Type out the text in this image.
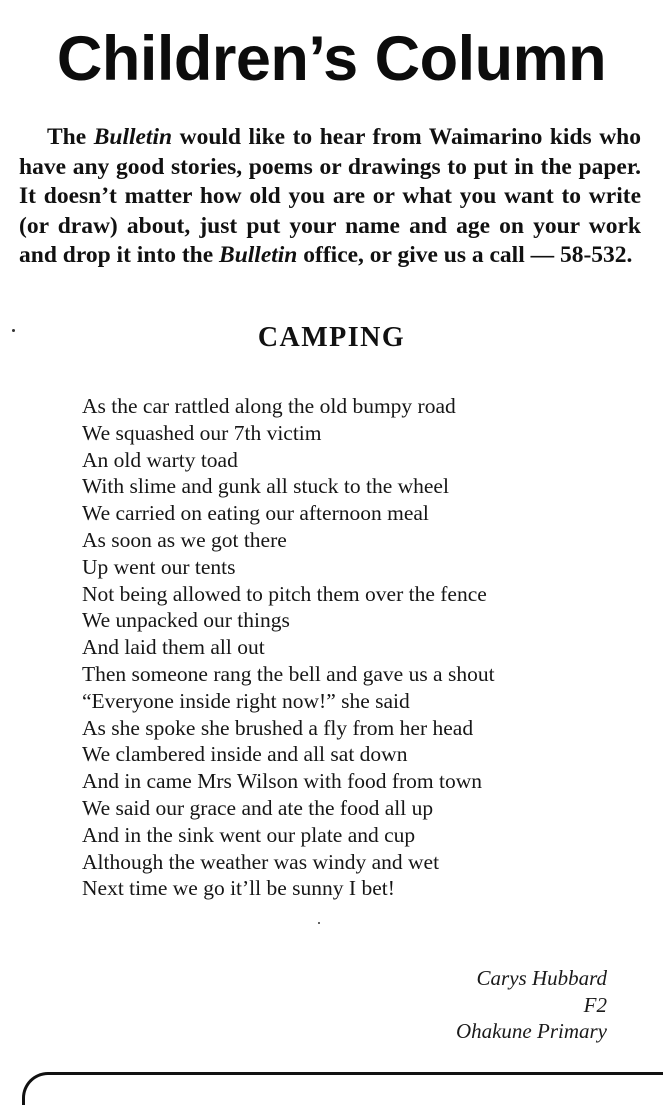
Children’s Column
The Bulletin would like to hear from Waimarino kids who have any good stories, poems or drawings to put in the paper. It doesn’t matter how old you are or what you want to write (or draw) about, just put your name and age on your work and drop it into the Bulletin office, or give us a call — 58-532.
CAMPING
As the car rattled along the old bumpy road
We squashed our 7th victim
An old warty toad
With slime and gunk all stuck to the wheel
We carried on eating our afternoon meal
As soon as we got there
Up went our tents
Not being allowed to pitch them over the fence
We unpacked our things
And laid them all out
Then someone rang the bell and gave us a shout
“Everyone inside right now!” she said
As she spoke she brushed a fly from her head
We clambered inside and all sat down
And in came Mrs Wilson with food from town
We said our grace and ate the food all up
And in the sink went our plate and cup
Although the weather was windy and wet
Next time we go it’ll be sunny I bet!
Carys Hubbard
F2
Ohakune Primary
